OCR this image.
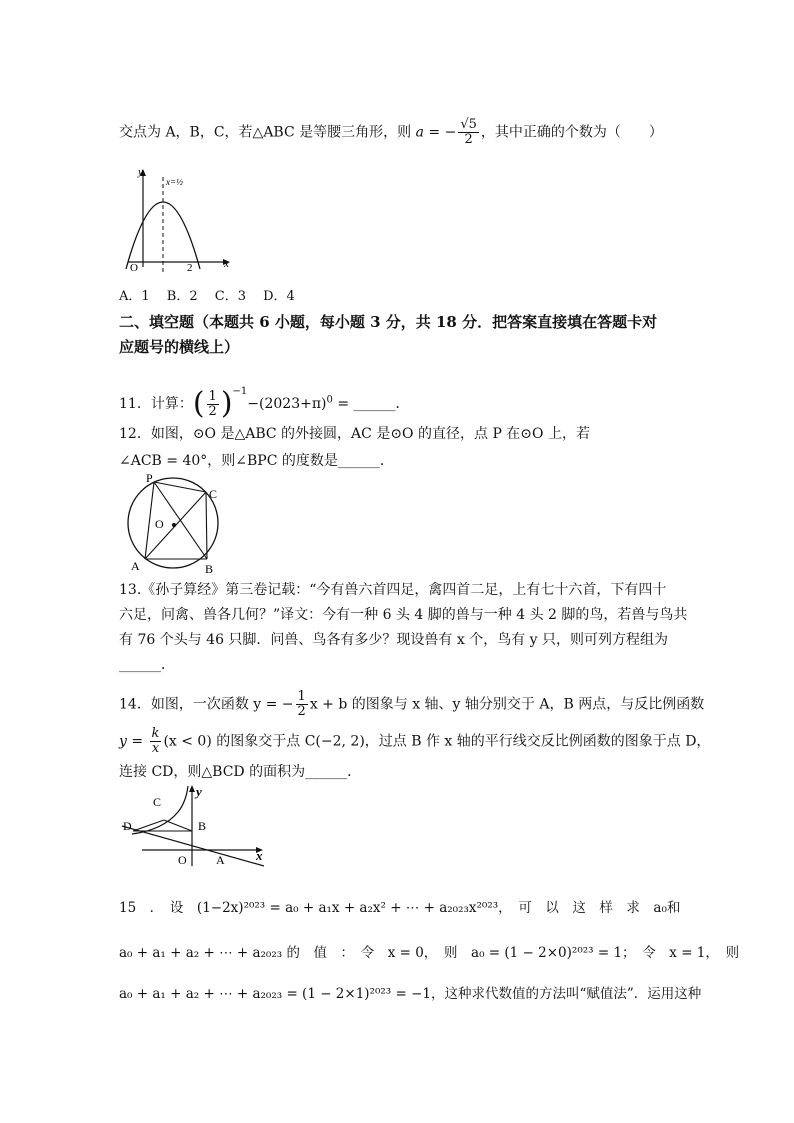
交点为 A，B，C，若△ABC 是等腰三角形，则 a = − $\frac{√5}{2}$ ，其中正确的个数为（　　）
y
x
O	2
x=½
A．1　 B．2　 C．3　 D．4
二、填空题（本题共 6 小题，每小题 3 分，共 18 分．把答案直接填在答题卡对
应题号的横线上）
11．计算：( $\frac{1}{2} )^{-1}-(2023+\pi)^0$ = ______．
12．如图，⊙O 是△ABC 的外接圆，AC 是⊙O 的直径，点 P 在⊙O 上，若
∠ACB = 40°，则∠BPC 的度数是______．
P
C
O
A	B
13.《孙子算经》第三卷记载：“今有兽六首四足，禽四首二足，上有七十六首，下有四十
六足，问禽、兽各几何？”译文：今有一种 6 头 4 脚的兽与一种 4 头 2 脚的鸟，若兽与鸟共
有 76 个头与 46 只脚．问兽、鸟各有多少？现设兽有 x 个，鸟有 y 只，则可列方程组为
______．
14．如图，一次函数 y = − $\frac{1}{2}$ x + b 的图象与 x 轴、y 轴分别交于 A，B 两点，与反比例函数
$y = \frac{k}{x} (x < 0)$ 的图象交于点 C(−2, 2)，过点 B 作 x 轴的平行线交反比例函数的图象于点 D，
连接 CD，则△BCD 的面积为______．
C
y
D	B
O A x
15　．　设　(1−2x)²⁰²³ = a₀ + a₁x + a₂x² + ⋯ + a₂₀₂₃x²⁰²³，　可　以　这　样　求　a₀和
a₀ + a₁ + a₂ + ⋯ + a₂₀₂₃ 的　值　：　令　x = 0，　则　a₀ = (1 − 2×0)²⁰²³ = 1；　令　x = 1，　则
a₀ + a₁ + a₂ + ⋯ + a₂₀₂₃ = (1 − 2×1)²⁰²³ = −1，这种求代数值的方法叫“赋值法”．运用这种
